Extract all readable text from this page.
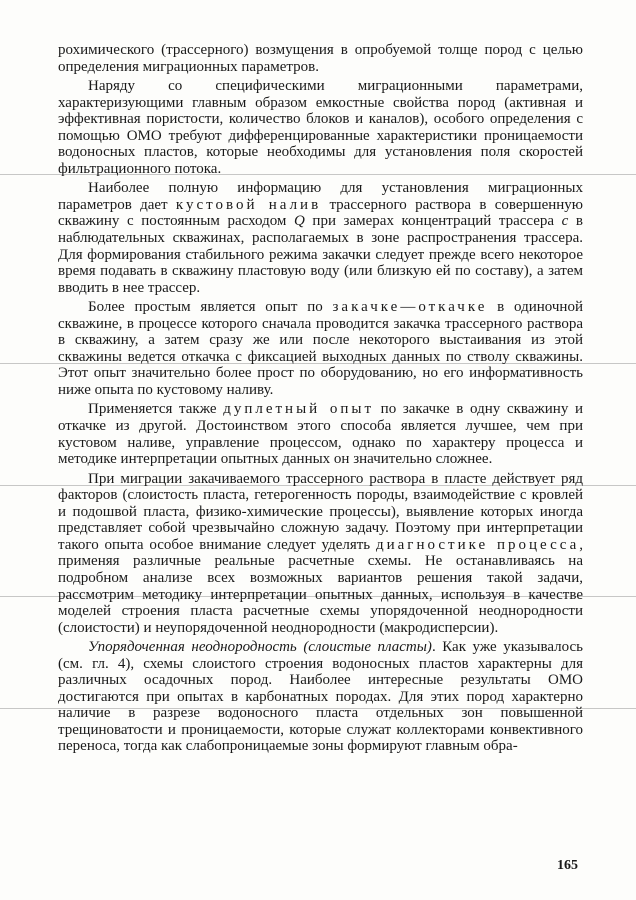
рохимического (трассерного) возмущения в опробуемой толще пород с целью определения миграционных параметров.

Наряду со специфическими миграционными параметрами, характеризующими главным образом емкостные свойства пород (активная и эффективная пористости, количество блоков и каналов), особого определения с помощью ОМО требуют дифференцированные характеристики проницаемости водоносных пластов, которые необходимы для установления поля скоростей фильтрационного потока.

Наиболее полную информацию для установления миграционных параметров дает кустовой налив трассерного раствора в совершенную скважину с постоянным расходом Q при замерах концентраций трассера c в наблюдательных скважинах, располагаемых в зоне распространения трассера. Для формирования стабильного режима закачки следует прежде всего некоторое время подавать в скважину пластовую воду (или близкую ей по составу), а затем вводить в нее трассер.

Более простым является опыт по закачке—откачке в одиночной скважине, в процессе которого сначала проводится закачка трассерного раствора в скважину, а затем сразу же или после некоторого выстаивания из этой скважины ведется откачка с фиксацией выходных данных по стволу скважины. Этот опыт значительно более прост по оборудованию, но его информативность ниже опыта по кустовому наливу.

Применяется также дуплетный опыт по закачке в одну скважину и откачке из другой. Достоинством этого способа является лучшее, чем при кустовом наливе, управление процессом, однако по характеру процесса и методике интерпретации опытных данных он значительно сложнее.

При миграции закачиваемого трассерного раствора в пласте действует ряд факторов (слоистость пласта, гетерогенность породы, взаимодействие с кровлей и подошвой пласта, физико-химические процессы), выявление которых иногда представляет собой чрезвычайно сложную задачу. Поэтому при интерпретации такого опыта особое внимание следует уделять диагностике процесса, применяя различные реальные расчетные схемы. Не останавливаясь на подробном анализе всех возможных вариантов решения такой задачи, рассмотрим методику интерпретации опытных данных, используя в качестве моделей строения пласта расчетные схемы упорядоченной неоднородности (слоистости) и неупорядоченной неоднородности (макродисперсии).

Упорядоченная неоднородность (слоистые пласты). Как уже указывалось (см. гл. 4), схемы слоистого строения водоносных пластов характерны для различных осадочных пород. Наиболее интересные результаты ОМО достигаются при опытах в карбонатных породах. Для этих пород характерно наличие в разрезе водоносного пласта отдельных зон повышенной трещиноватости и проницаемости, которые служат коллекторами конвективного переноса, тогда как слабопроницаемые зоны формируют главным обра-

165
